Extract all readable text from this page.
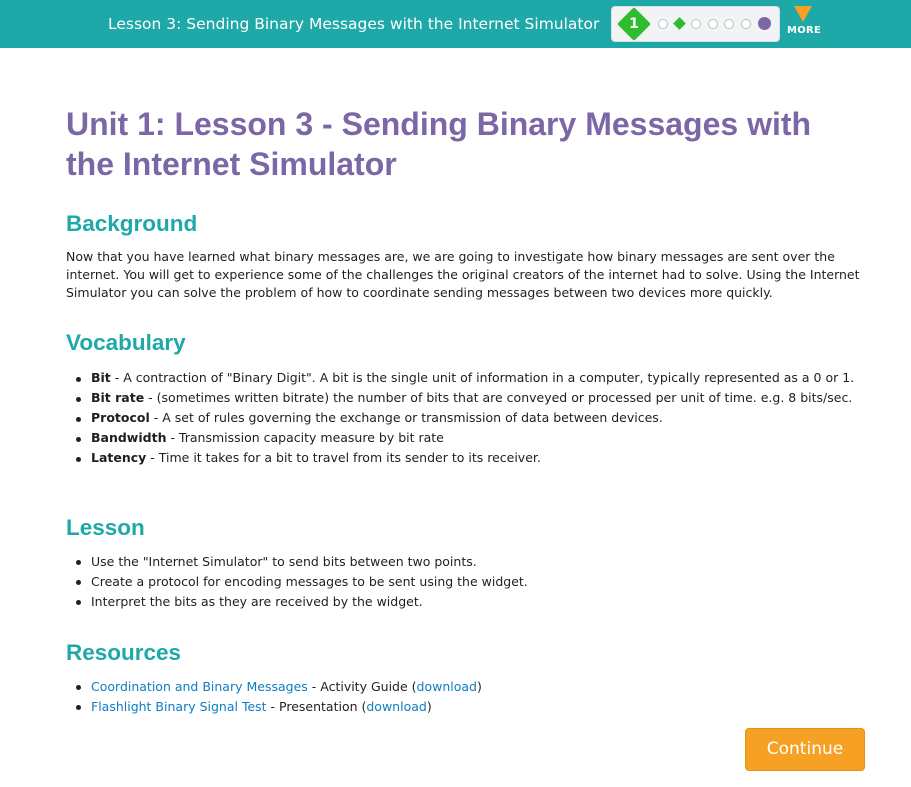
Lesson 3: Sending Binary Messages with the Internet Simulator	1	MORE
Unit 1: Lesson 3 - Sending Binary Messages with the Internet Simulator
Background

Now that you have learned what binary messages are, we are going to investigate how binary messages are sent over the internet. You will get to experience some of the challenges the original creators of the internet had to solve. Using the Internet Simulator you can solve the problem of how to coordinate sending messages between two devices more quickly.

Vocabulary
Bit - A contraction of "Binary Digit". A bit is the single unit of information in a computer, typically represented as a 0 or 1.
Bit rate - (sometimes written bitrate) the number of bits that are conveyed or processed per unit of time. e.g. 8 bits/sec.
Protocol - A set of rules governing the exchange or transmission of data between devices.
Bandwidth - Transmission capacity measure by bit rate
Latency - Time it takes for a bit to travel from its sender to its receiver.
Lesson
Use the "Internet Simulator" to send bits between two points.
Create a protocol for encoding messages to be sent using the widget.
Interpret the bits as they are received by the widget.
Resources
Coordination and Binary Messages - Activity Guide (download)
Flashlight Binary Signal Test - Presentation (download)
Continue
